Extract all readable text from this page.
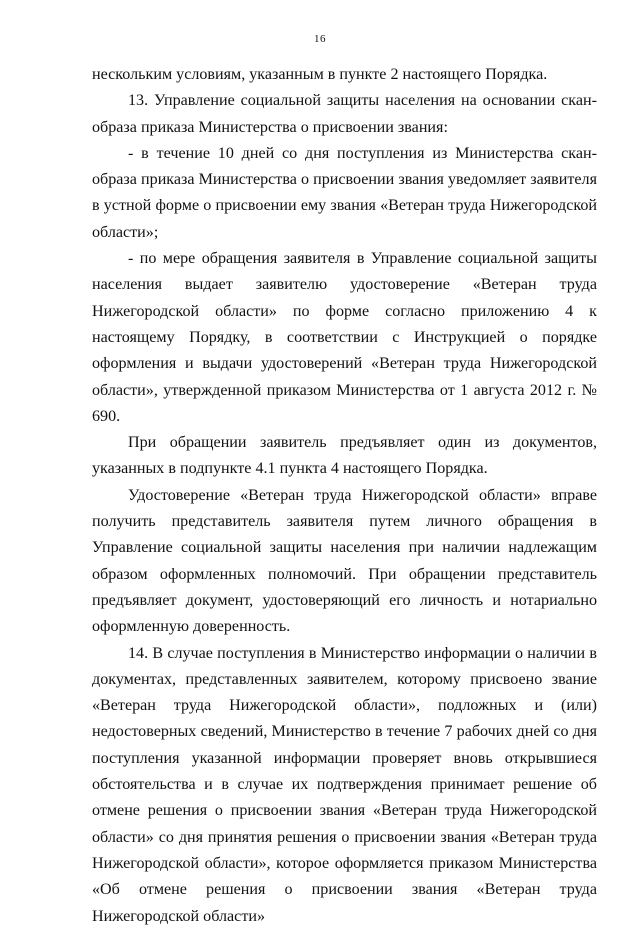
16

нескольким условиям, указанным в пункте 2 настоящего Порядка.

13. Управление социальной защиты населения на основании скан-образа приказа Министерства о присвоении звания:

- в течение 10 дней со дня поступления из Министерства скан-образа приказа Министерства о присвоении звания уведомляет заявителя в устной форме о присвоении ему звания «Ветеран труда Нижегородской области»;

- по мере обращения заявителя в Управление социальной защиты населения выдает заявителю удостоверение «Ветеран труда Нижегородской области» по форме согласно приложению 4 к настоящему Порядку, в соответствии с Инструкцией о порядке оформления и выдачи удостоверений «Ветеран труда Нижегородской области», утвержденной приказом Министерства от 1 августа 2012 г. № 690.

При обращении заявитель предъявляет один из документов, указанных в подпункте 4.1 пункта 4 настоящего Порядка.

Удостоверение «Ветеран труда Нижегородской области» вправе получить представитель заявителя путем личного обращения в Управление социальной защиты населения при наличии надлежащим образом оформленных полномочий. При обращении представитель предъявляет документ, удостоверяющий его личность и нотариально оформленную доверенность.

14. В случае поступления в Министерство информации о наличии в документах, представленных заявителем, которому присвоено звание «Ветеран труда Нижегородской области», подложных и (или) недостоверных сведений, Министерство в течение 7 рабочих дней со дня поступления указанной информации проверяет вновь открывшиеся обстоятельства и в случае их подтверждения принимает решение об отмене решения о присвоении звания «Ветеран труда Нижегородской области» со дня принятия решения о присвоении звания «Ветеран труда Нижегородской области», которое оформляется приказом Министерства «Об отмене решения о присвоении звания «Ветеран труда Нижегородской области»
